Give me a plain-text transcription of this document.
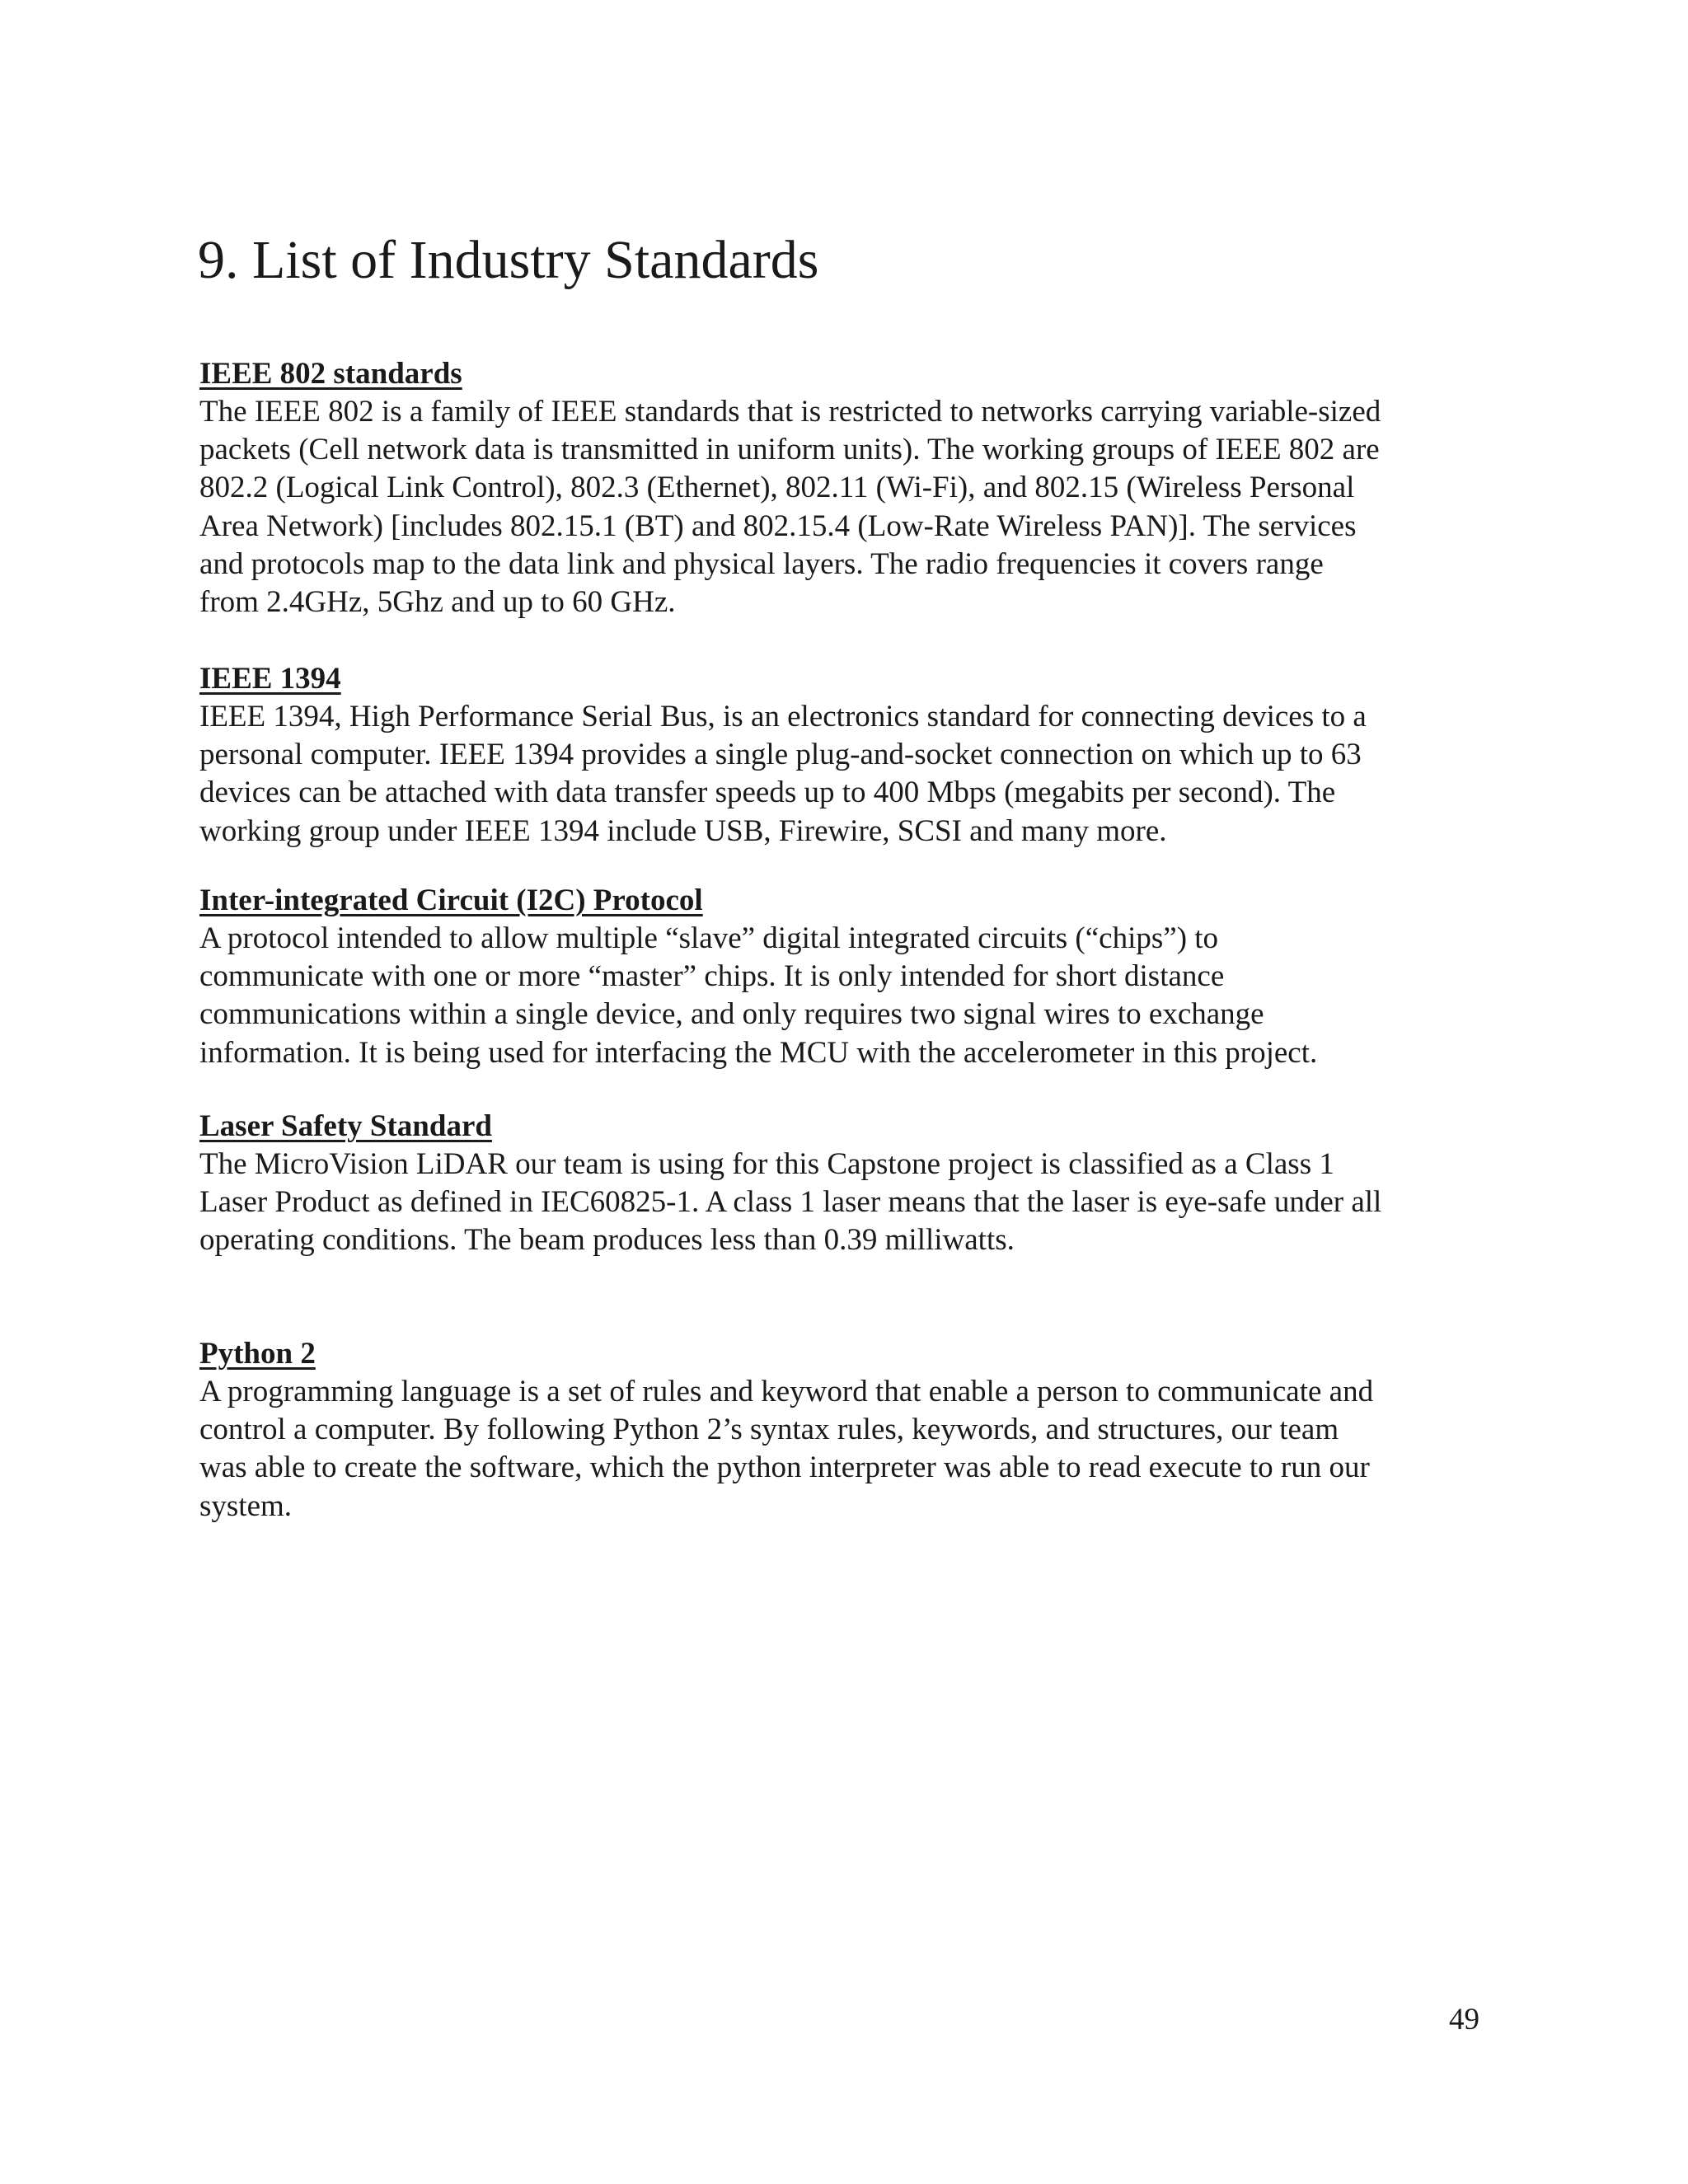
9. List of Industry Standards
IEEE 802 standards

The IEEE 802 is a family of IEEE standards that is restricted to networks carrying variable-sized

packets (Cell network data is transmitted in uniform units). The working groups of IEEE 802 are

802.2 (Logical Link Control), 802.3 (Ethernet), 802.11 (Wi-Fi), and 802.15 (Wireless Personal

Area Network) [includes 802.15.1 (BT) and 802.15.4 (Low-Rate Wireless PAN)]. The services

and protocols map to the data link and physical layers. The radio frequencies it covers range

from 2.4GHz, 5Ghz and up to 60 GHz.

IEEE 1394

IEEE 1394, High Performance Serial Bus, is an electronics standard for connecting devices to a

personal computer. IEEE 1394 provides a single plug-and-socket connection on which up to 63

devices can be attached with data transfer speeds up to 400 Mbps (megabits per second). The

working group under IEEE 1394 include USB, Firewire, SCSI and many more.

Inter-integrated Circuit (I2C) Protocol

A protocol intended to allow multiple “slave” digital integrated circuits (“chips”) to

communicate with one or more “master” chips. It is only intended for short distance

communications within a single device, and only requires two signal wires to exchange

information. It is being used for interfacing the MCU with the accelerometer in this project.

Laser Safety Standard

The MicroVision LiDAR our team is using for this Capstone project is classified as a Class 1

Laser Product as defined in IEC60825-1. A class 1 laser means that the laser is eye-safe under all

operating conditions. The beam produces less than 0.39 milliwatts.

Python 2

A programming language is a set of rules and keyword that enable a person to communicate and

control a computer. By following Python 2’s syntax rules, keywords, and structures, our team

was able to create the software, which the python interpreter was able to read execute to run our

system.

49
